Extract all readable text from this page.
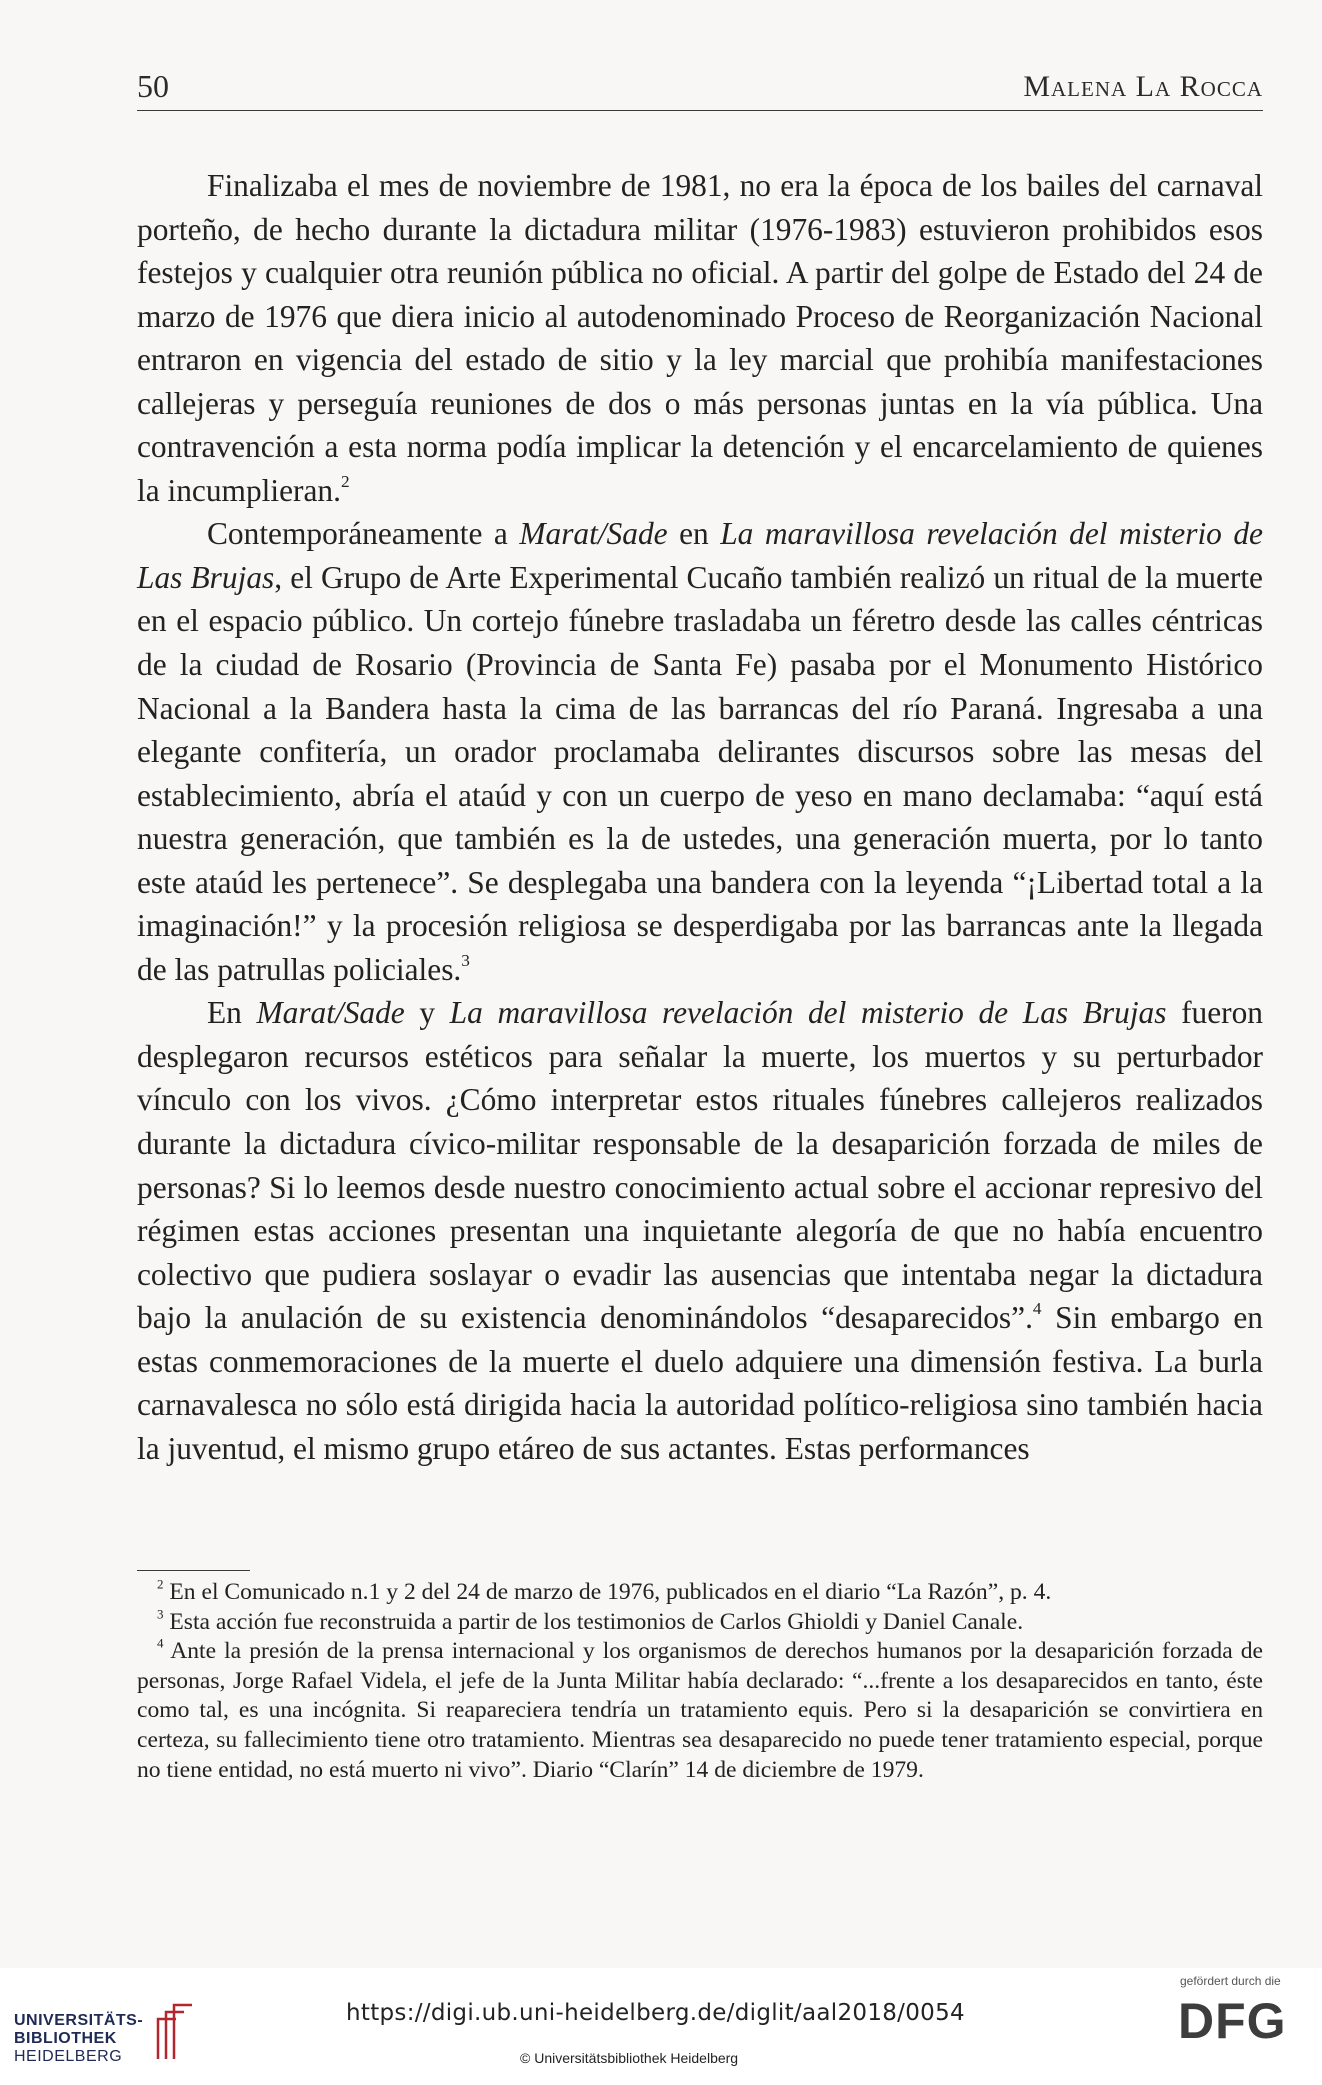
50	Malena La Rocca

Finalizaba el mes de noviembre de 1981, no era la época de los bailes del carnaval porteño, de hecho durante la dictadura militar (1976-1983) estuvieron prohibidos esos festejos y cualquier otra reunión pública no oficial. A partir del golpe de Estado del 24 de marzo de 1976 que diera inicio al autodenominado Proceso de Reorganización Nacional entraron en vigencia del estado de sitio y la ley marcial que prohibía manifestaciones callejeras y perseguía reuniones de dos o más personas juntas en la vía pública. Una contravención a esta norma podía implicar la detención y el encarcelamiento de quienes la incumplieran.$^2$

Contemporáneamente a Marat/Sade en La maravillosa revelación del misterio de Las Brujas, el Grupo de Arte Experimental Cucaño también realizó un ritual de la muerte en el espacio público. Un cortejo fúnebre trasladaba un féretro desde las calles céntricas de la ciudad de Rosario (Provincia de Santa Fe) pasaba por el Monumento Histórico Nacional a la Bandera hasta la cima de las barrancas del río Paraná. Ingresaba a una elegante confitería, un orador proclamaba delirantes discursos sobre las mesas del establecimiento, abría el ataúd y con un cuerpo de yeso en mano declamaba: “aquí está nuestra generación, que también es la de ustedes, una generación muerta, por lo tanto este ataúd les pertenece”. Se desplegaba una bandera con la leyenda “¡Libertad total a la imaginación!” y la procesión religiosa se desperdigaba por las barrancas ante la llegada de las patrullas policiales.$^3$

En Marat/Sade y La maravillosa revelación del misterio de Las Brujas fueron desplegaron recursos estéticos para señalar la muerte, los muertos y su perturbador vínculo con los vivos. ¿Cómo interpretar estos rituales fúnebres callejeros realizados durante la dictadura cívico-militar responsable de la desaparición forzada de miles de personas? Si lo leemos desde nuestro conocimiento actual sobre el accionar represivo del régimen estas acciones presentan una inquietante alegoría de que no había encuentro colectivo que pudiera soslayar o evadir las ausencias que intentaba negar la dictadura bajo la anulación de su existencia denominándolos “desaparecidos”.$^4$ Sin embargo en estas conmemoraciones de la muerte el duelo adquiere una dimensión festiva. La burla carnavalesca no sólo está dirigida hacia la autoridad político-religiosa sino también hacia la juventud, el mismo grupo etáreo de sus actantes. Estas performances

$^2$ En el Comunicado n.1 y 2 del 24 de marzo de 1976, publicados en el diario “La Razón”, p. 4.

$^3$ Esta acción fue reconstruida a partir de los testimonios de Carlos Ghioldi y Daniel Canale.

$^4$ Ante la presión de la prensa internacional y los organismos de derechos humanos por la desaparición forzada de personas, Jorge Rafael Videla, el jefe de la Junta Militar había declarado: “...frente a los desaparecidos en tanto, éste como tal, es una incógnita. Si reapareciera tendría un tratamiento equis. Pero si la desaparición se convirtiera en certeza, su fallecimiento tiene otro tratamiento. Mientras sea desaparecido no puede tener tratamiento especial, porque no tiene entidad, no está muerto ni vivo”. Diario “Clarín” 14 de diciembre de 1979.

UNIVERSITÄTS-
BIBLIOTHEK
HEIDELBERG
https://digi.ub.uni-heidelberg.de/diglit/aal2018/0054
© Universitätsbibliothek Heidelberg
gefördert durch die
DFG
